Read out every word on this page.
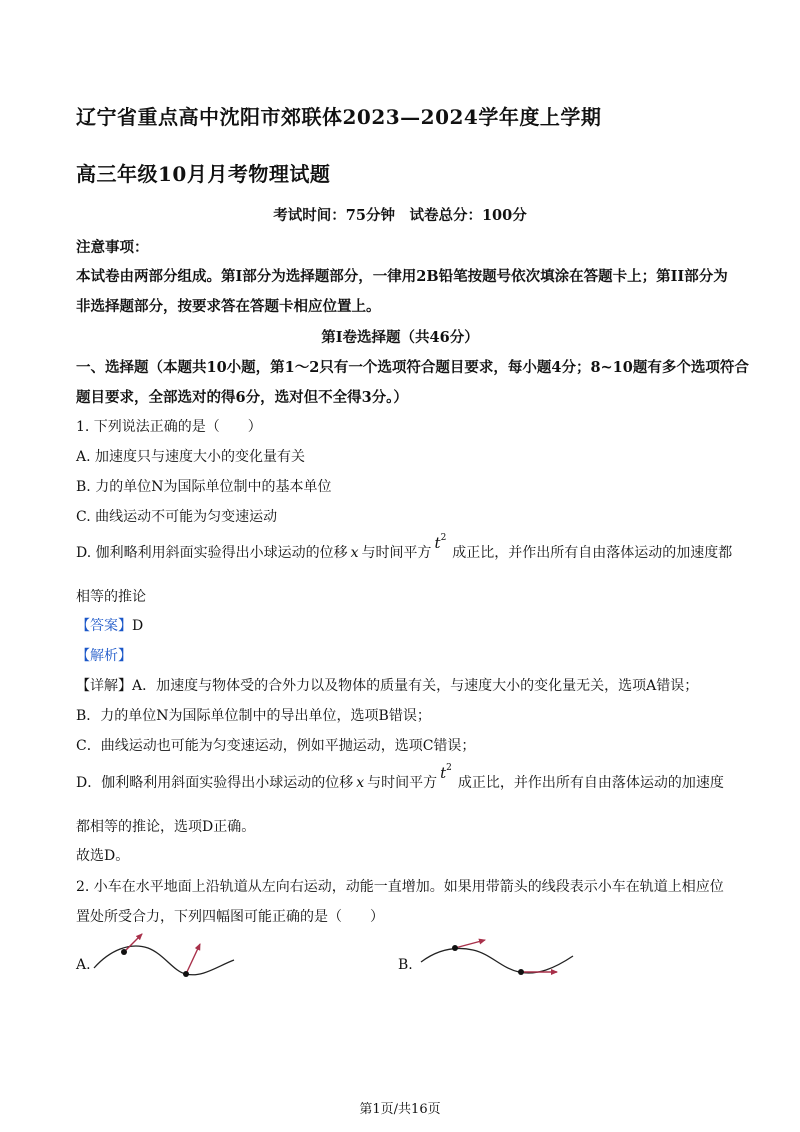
辽宁省重点高中沈阳市郊联体2023—2024学年度上学期
高三年级10月月考物理试题
考试时间：75分钟　试卷总分：100分
注意事项：
本试卷由两部分组成。第I部分为选择题部分，一律用2B铅笔按题号依次填涂在答题卡上；第II部分为
非选择题部分，按要求答在答题卡相应位置上。
第I卷选择题（共46分）
一、选择题（本题共10小题，第1～2只有一个选项符合题目要求，每小题4分；8~10题有多个选项符合
题目要求，全部选对的得6分，选对但不全得3分。）
1. 下列说法正确的是（　　）
A. 加速度只与速度大小的变化量有关
B. 力的单位N为国际单位制中的基本单位
C. 曲线运动不可能为匀变速运动
D. 伽利略利用斜面实验得出小球运动的位移 x 与时间平方$t^2$成正比，并作出所有自由落体运动的加速度都
相等的推论
【答案】D
【解析】
【详解】A．加速度与物体受的合外力以及物体的质量有关，与速度大小的变化量无关，选项A错误；
B．力的单位N为国际单位制中的导出单位，选项B错误；
C．曲线运动也可能为匀变速运动，例如平抛运动，选项C错误；
D．伽利略利用斜面实验得出小球运动的位移 x 与时间平方$t^2$成正比，并作出所有自由落体运动的加速度
都相等的推论，选项D正确。
故选D。
2. 小车在水平地面上沿轨道从左向右运动，动能一直增加。如果用带箭头的线段表示小车在轨道上相应位
置处所受合力，下列四幅图可能正确的是（　　）
A.	B.
第1页/共16页
